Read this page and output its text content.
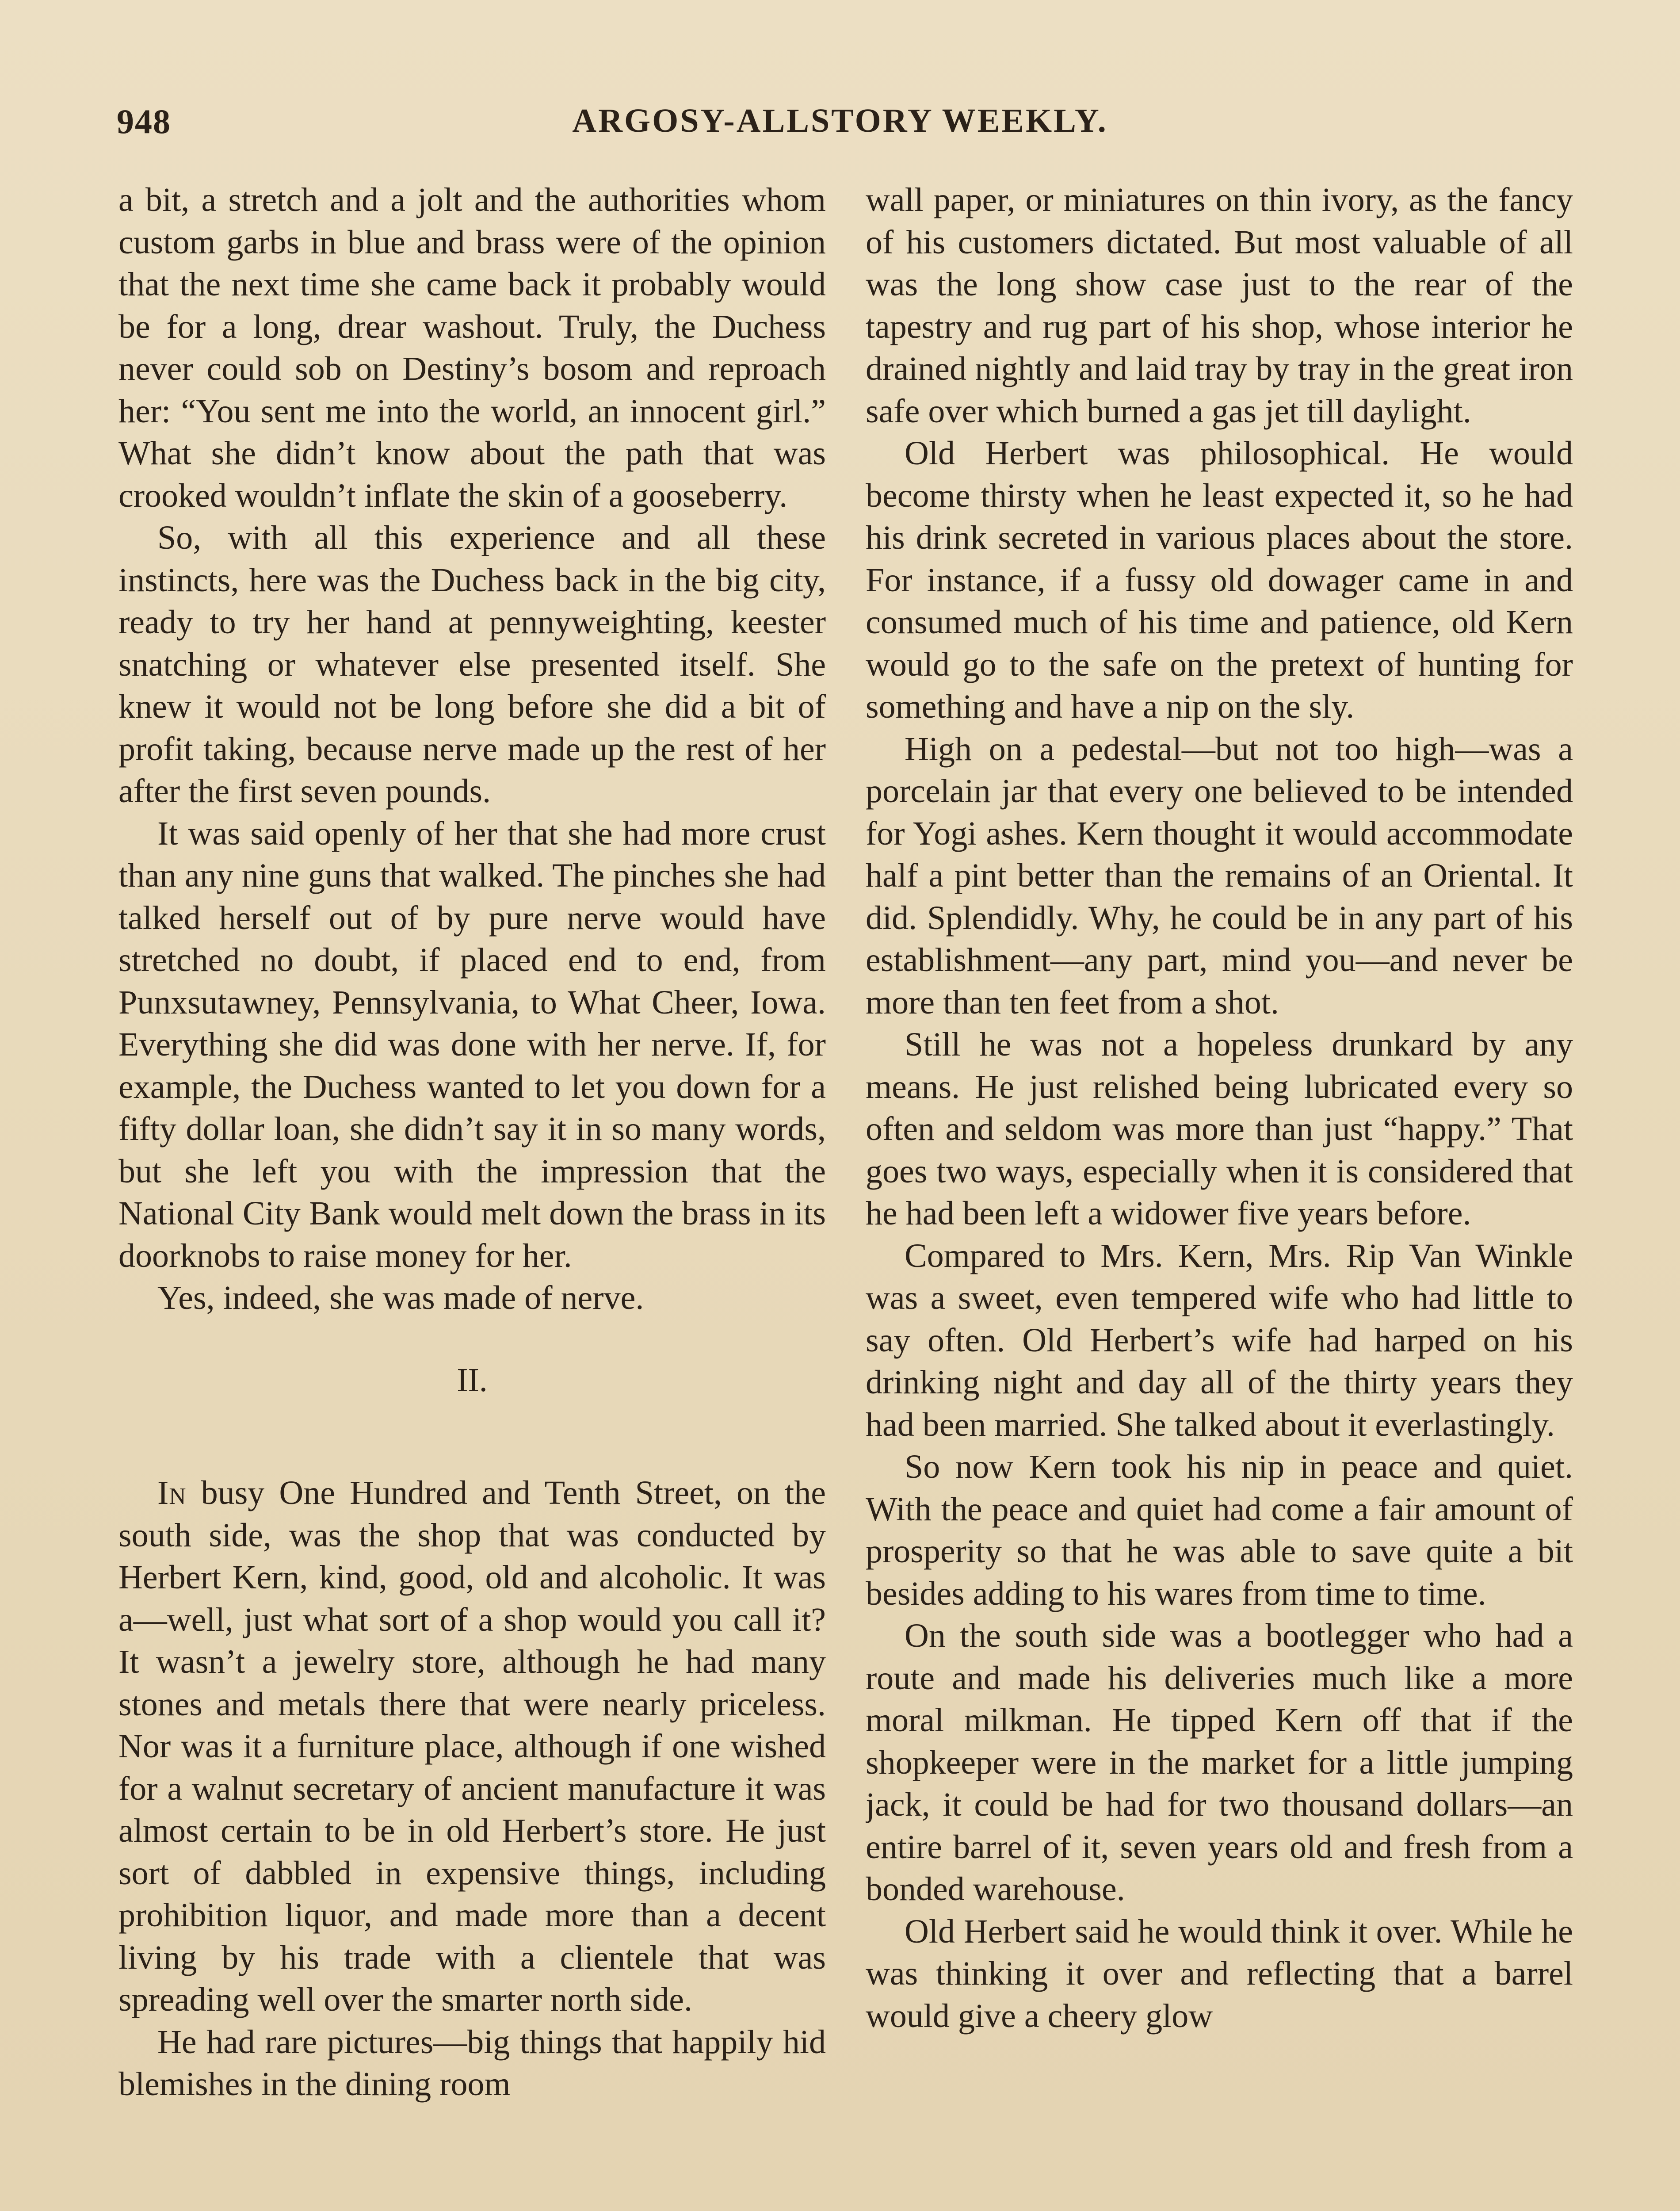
948	ARGOSY-ALLSTORY WEEKLY.

a bit, a stretch and a jolt and the authorities whom custom garbs in blue and brass were of the opinion that the next time she came back it probably would be for a long, drear washout. Truly, the Duchess never could sob on Destiny’s bosom and reproach her: “You sent me into the world, an innocent girl.” What she didn’t know about the path that was crooked wouldn’t inflate the skin of a gooseberry.

So, with all this experience and all these instincts, here was the Duchess back in the big city, ready to try her hand at pennyweighting, keester snatching or whatever else presented itself. She knew it would not be long before she did a bit of profit taking, because nerve made up the rest of her after the first seven pounds.

It was said openly of her that she had more crust than any nine guns that walked. The pinches she had talked herself out of by pure nerve would have stretched no doubt, if placed end to end, from Punxsutawney, Pennsylvania, to What Cheer, Iowa. Everything she did was done with her nerve. If, for example, the Duchess wanted to let you down for a fifty dollar loan, she didn’t say it in so many words, but she left you with the impression that the National City Bank would melt down the brass in its doorknobs to raise money for her.

Yes, indeed, she was made of nerve.

II.

In busy One Hundred and Tenth Street, on the south side, was the shop that was conducted by Herbert Kern, kind, good, old and alcoholic. It was a—well, just what sort of a shop would you call it? It wasn’t a jewelry store, although he had many stones and metals there that were nearly priceless. Nor was it a furniture place, although if one wished for a walnut secretary of ancient manufacture it was almost certain to be in old Herbert’s store. He just sort of dabbled in expensive things, including prohibition liquor, and made more than a decent living by his trade with a clientele that was spreading well over the smarter north side.

He had rare pictures—big things that happily hid blemishes in the dining room

wall paper, or miniatures on thin ivory, as the fancy of his customers dictated. But most valuable of all was the long show case just to the rear of the tapestry and rug part of his shop, whose interior he drained nightly and laid tray by tray in the great iron safe over which burned a gas jet till daylight.

Old Herbert was philosophical. He would become thirsty when he least expected it, so he had his drink secreted in various places about the store. For instance, if a fussy old dowager came in and consumed much of his time and patience, old Kern would go to the safe on the pretext of hunting for something and have a nip on the sly.

High on a pedestal—but not too high—was a porcelain jar that every one believed to be intended for Yogi ashes. Kern thought it would accommodate half a pint better than the remains of an Oriental. It did. Splendidly. Why, he could be in any part of his establishment—any part, mind you—and never be more than ten feet from a shot.

Still he was not a hopeless drunkard by any means. He just relished being lubricated every so often and seldom was more than just “happy.” That goes two ways, especially when it is considered that he had been left a widower five years before.

Compared to Mrs. Kern, Mrs. Rip Van Winkle was a sweet, even tempered wife who had little to say often. Old Herbert’s wife had harped on his drinking night and day all of the thirty years they had been married. She talked about it everlastingly.

So now Kern took his nip in peace and quiet. With the peace and quiet had come a fair amount of prosperity so that he was able to save quite a bit besides adding to his wares from time to time.

On the south side was a bootlegger who had a route and made his deliveries much like a more moral milkman. He tipped Kern off that if the shopkeeper were in the market for a little jumping jack, it could be had for two thousand dollars—an entire barrel of it, seven years old and fresh from a bonded warehouse.

Old Herbert said he would think it over. While he was thinking it over and reflecting that a barrel would give a cheery glow
